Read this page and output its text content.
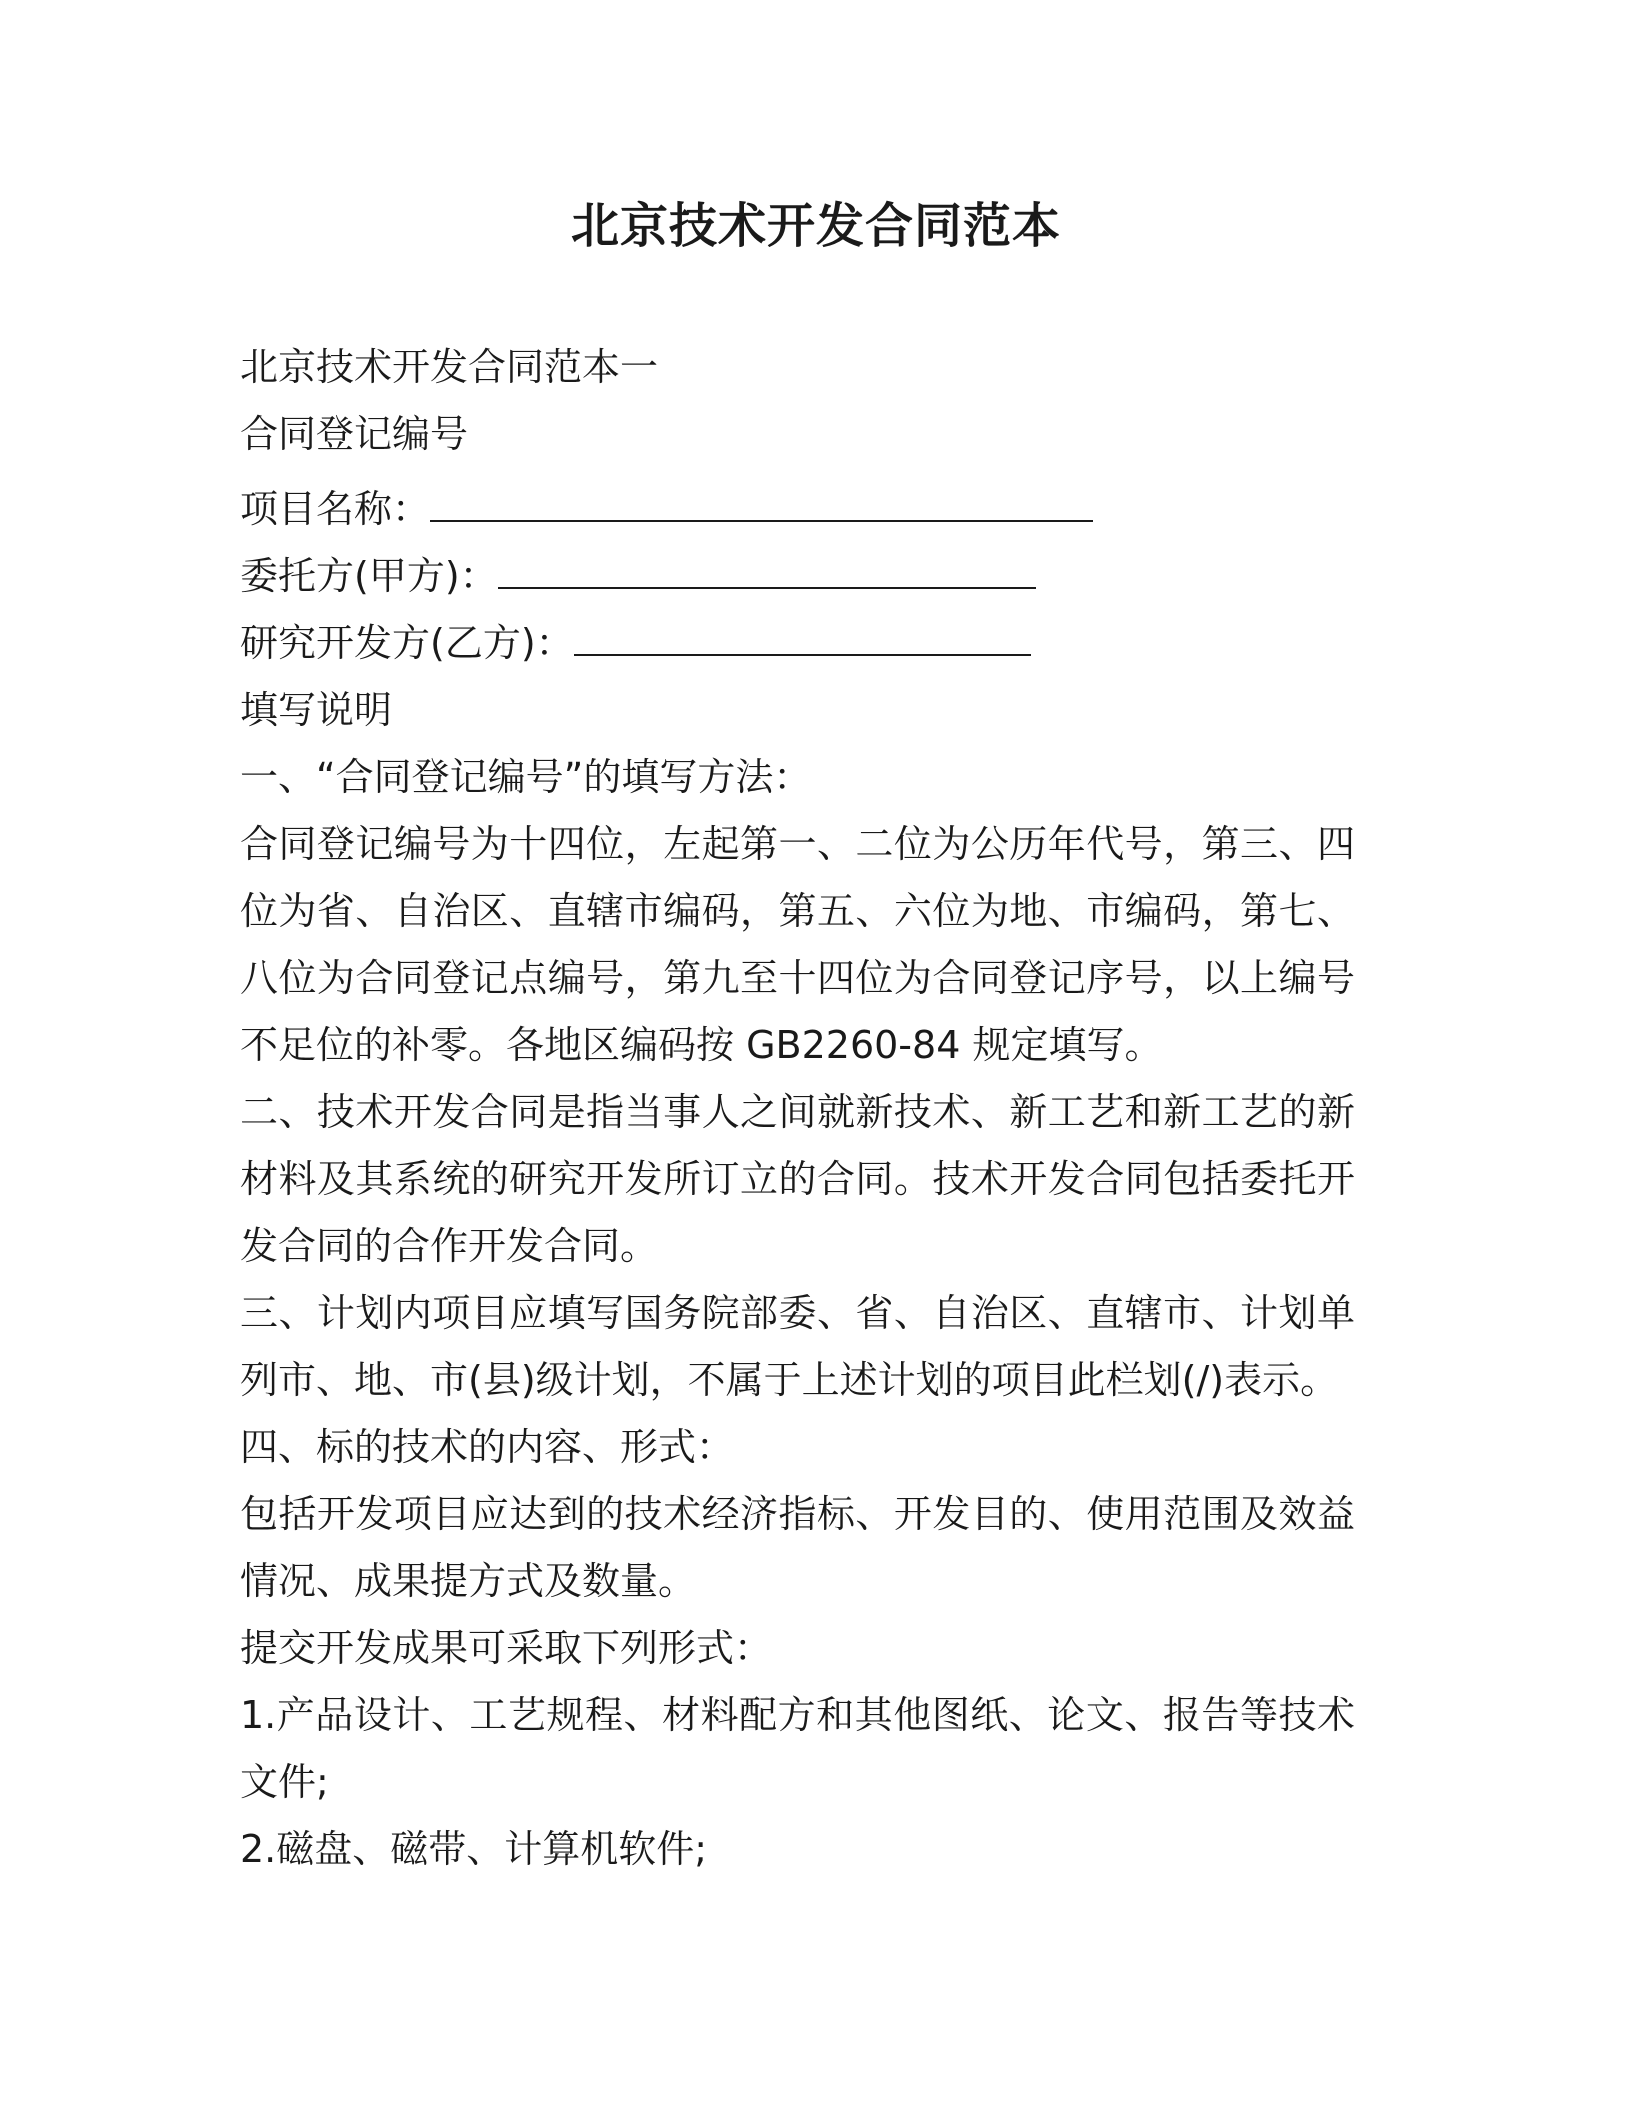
北京技术开发合同范本

北京技术开发合同范本一

合同登记编号

项目名称：

委托方(甲方)：

研究开发方(乙方)：

填写说明

一、“合同登记编号”的填写方法：

合同登记编号为十四位，左起第一、二位为公历年代号，第三、四位为省、自治区、直辖市编码，第五、六位为地、市编码，第七、八位为合同登记点编号，第九至十四位为合同登记序号，以上编号不足位的补零。各地区编码按 GB2260-84 规定填写。

二、技术开发合同是指当事人之间就新技术、新工艺和新工艺的新材料及其系统的研究开发所订立的合同。技术开发合同包括委托开发合同的合作开发合同。

三、计划内项目应填写国务院部委、省、自治区、直辖市、计划单列市、地、市(县)级计划，不属于上述计划的项目此栏划(/)表示。

四、标的技术的内容、形式：

包括开发项目应达到的技术经济指标、开发目的、使用范围及效益情况、成果提方式及数量。

提交开发成果可采取下列形式：

1.产品设计、工艺规程、材料配方和其他图纸、论文、报告等技术文件;

2.磁盘、磁带、计算机软件;
